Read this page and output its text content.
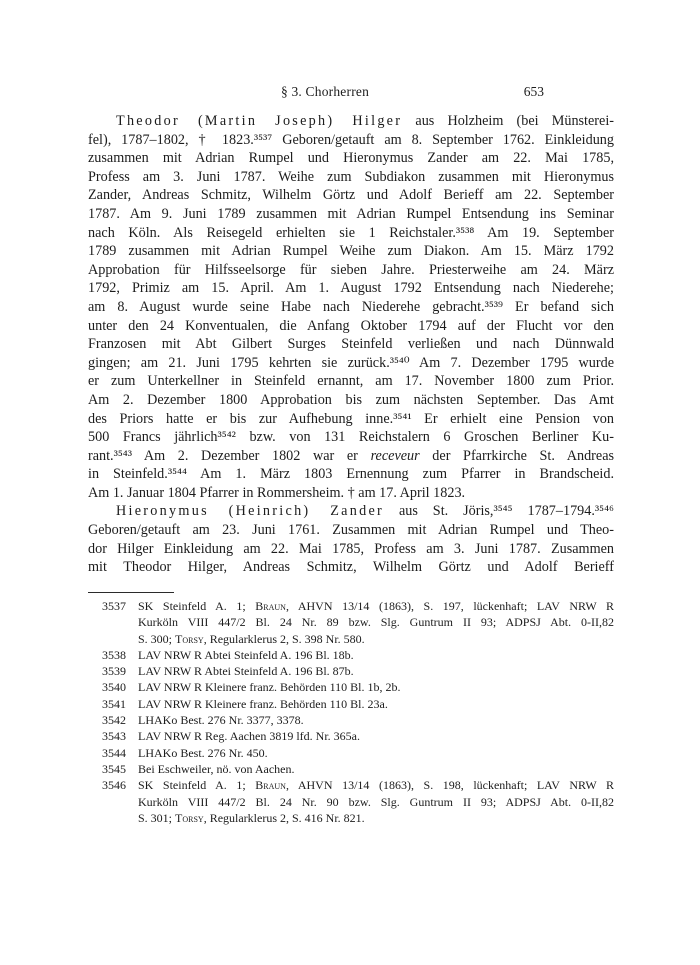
§ 3. Chorherren	653
Theodor (Martin Joseph) Hilger aus Holzheim (bei Münsterei-
fel), 1787–1802, † 1823.³⁵³⁷ Geboren/getauft am 8. September 1762. Einkleidung
zusammen mit Adrian Rumpel und Hieronymus Zander am 22. Mai 1785,
Profess am 3. Juni 1787. Weihe zum Subdiakon zusammen mit Hieronymus
Zander, Andreas Schmitz, Wilhelm Görtz und Adolf Berieff am 22. September
1787. Am 9. Juni 1789 zusammen mit Adrian Rumpel Entsendung ins Seminar
nach Köln. Als Reisegeld erhielten sie 1 Reichstaler.³⁵³⁸ Am 19. September
1789 zusammen mit Adrian Rumpel Weihe zum Diakon. Am 15. März 1792
Approbation für Hilfsseelsorge für sieben Jahre. Priesterweihe am 24. März
1792, Primiz am 15. April. Am 1. August 1792 Entsendung nach Niederehe;
am 8. August wurde seine Habe nach Niederehe gebracht.³⁵³⁹ Er befand sich
unter den 24 Konventualen, die Anfang Oktober 1794 auf der Flucht vor den
Franzosen mit Abt Gilbert Surges Steinfeld verließen und nach Dünnwald
gingen; am 21. Juni 1795 kehrten sie zurück.³⁵⁴⁰ Am 7. Dezember 1795 wurde
er zum Unterkellner in Steinfeld ernannt, am 17. November 1800 zum Prior.
Am 2. Dezember 1800 Approbation bis zum nächsten September. Das Amt
des Priors hatte er bis zur Aufhebung inne.³⁵⁴¹ Er erhielt eine Pension von
500 Francs jährlich³⁵⁴² bzw. von 131 Reichstalern 6 Groschen Berliner Ku-
rant.³⁵⁴³ Am 2. Dezember 1802 war er receveur der Pfarrkirche St. Andreas
in Steinfeld.³⁵⁴⁴ Am 1. März 1803 Ernennung zum Pfarrer in Brandscheid.
Am 1. Januar 1804 Pfarrer in Rommersheim. † am 17. April 1823.
Hieronymus (Heinrich) Zander aus St. Jöris,³⁵⁴⁵ 1787–1794.³⁵⁴⁶
Geboren/getauft am 23. Juni 1761. Zusammen mit Adrian Rumpel und Theo-
dor Hilger Einkleidung am 22. Mai 1785, Profess am 3. Juni 1787. Zusammen
mit Theodor Hilger, Andreas Schmitz, Wilhelm Görtz und Adolf Berieff
3537 SK Steinfeld A. 1; Braun, AHVN 13/14 (1863), S. 197, lückenhaft; LAV NRW R
Kurköln VIII 447/2 Bl. 24 Nr. 89 bzw. Slg. Guntrum II 93; ADPSJ Abt. 0-II,82
S. 300; Torsy, Regularklerus 2, S. 398 Nr. 580.
3538 LAV NRW R Abtei Steinfeld A. 196 Bl. 18b.
3539 LAV NRW R Abtei Steinfeld A. 196 Bl. 87b.
3540 LAV NRW R Kleinere franz. Behörden 110 Bl. 1b, 2b.
3541 LAV NRW R Kleinere franz. Behörden 110 Bl. 23a.
3542 LHAKo Best. 276 Nr. 3377, 3378.
3543 LAV NRW R Reg. Aachen 3819 lfd. Nr. 365a.
3544 LHAKo Best. 276 Nr. 450.
3545 Bei Eschweiler, nö. von Aachen.
3546 SK Steinfeld A. 1; Braun, AHVN 13/14 (1863), S. 198, lückenhaft; LAV NRW R
Kurköln VIII 447/2 Bl. 24 Nr. 90 bzw. Slg. Guntrum II 93; ADPSJ Abt. 0-II,82
S. 301; Torsy, Regularklerus 2, S. 416 Nr. 821.
